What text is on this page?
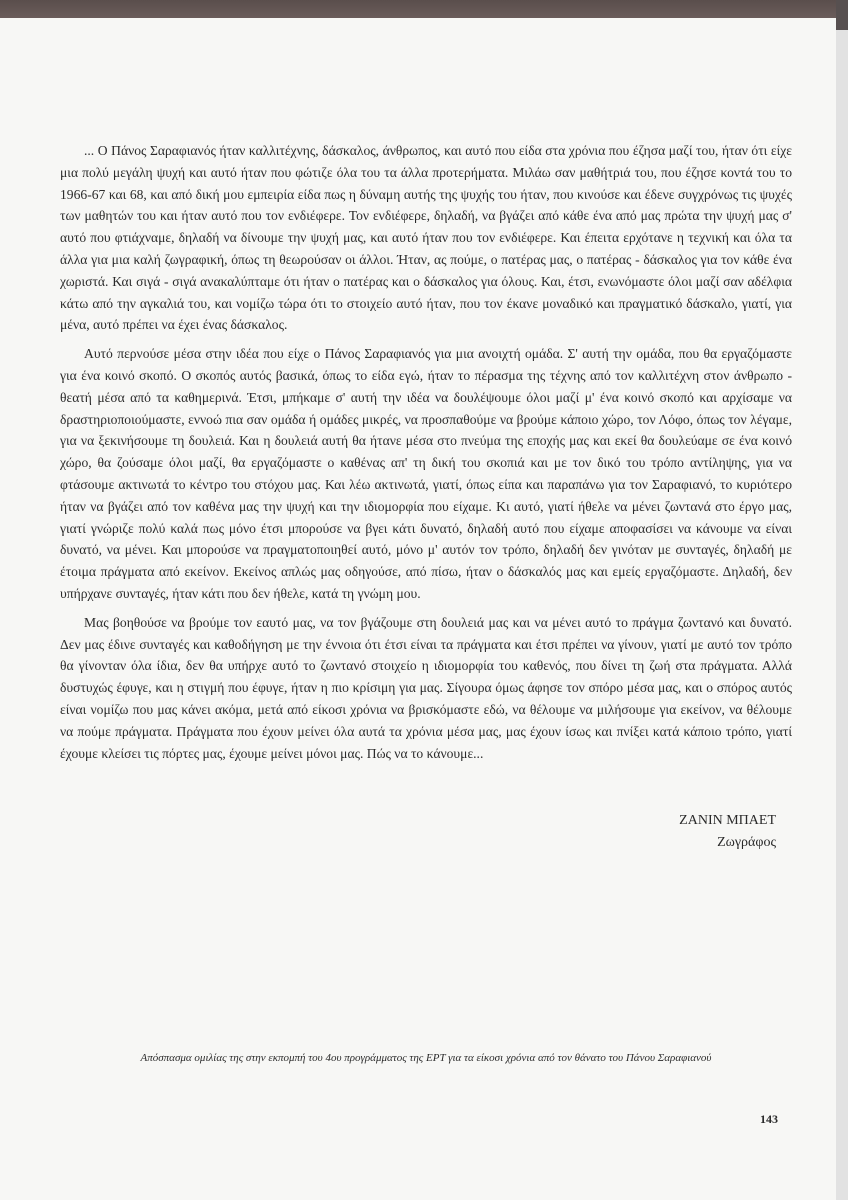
... Ο Πάνος Σαραφιανός ήταν καλλιτέχνης, δάσκαλος, άνθρωπος, και αυτό που είδα στα χρόνια που έζησα μαζί του, ήταν ότι είχε μια πολύ μεγάλη ψυχή και αυτό ήταν που φώτιζε όλα του τα άλλα προτερήματα. Μιλάω σαν μαθήτριά του, που έζησε κοντά του το 1966-67 και 68, και από δική μου εμπειρία είδα πως η δύναμη αυτής της ψυχής του ήταν, που κινούσε και έδενε συγχρόνως τις ψυχές των μαθητών του και ήταν αυτό που τον ενδιέφερε. Τον ενδιέφερε, δηλαδή, να βγάζει από κάθε ένα από μας πρώτα την ψυχή μας σ' αυτό που φτιάχναμε, δηλαδή να δίνουμε την ψυχή μας, και αυτό ήταν που τον ενδιέφερε. Και έπειτα ερχότανε η τεχνική και όλα τα άλλα για μια καλή ζωγραφική, όπως τη θεωρούσαν οι άλλοι. Ήταν, ας πούμε, ο πατέρας μας, ο πατέρας - δάσκαλος για τον κάθε ένα χωριστά. Και σιγά - σιγά ανακαλύπταμε ότι ήταν ο πατέρας και ο δάσκαλος για όλους. Και, έτσι, ενωνόμαστε όλοι μαζί σαν αδέλφια κάτω από την αγκαλιά του, και νομίζω τώρα ότι το στοιχείο αυτό ήταν, που τον έκανε μοναδικό και πραγματικό δάσκαλο, γιατί, για μένα, αυτό πρέπει να έχει ένας δάσκαλος.

Αυτό περνούσε μέσα στην ιδέα που είχε ο Πάνος Σαραφιανός για μια ανοιχτή ομάδα. Σ' αυτή την ομάδα, που θα εργαζόμαστε για ένα κοινό σκοπό. Ο σκοπός αυτός βασικά, όπως το είδα εγώ, ήταν το πέρασμα της τέχνης από τον καλλιτέχνη στον άνθρωπο - θεατή μέσα από τα καθημερινά. Έτσι, μπήκαμε σ' αυτή την ιδέα να δουλέψουμε όλοι μαζί μ' ένα κοινό σκοπό και αρχίσαμε να δραστηριοποιούμαστε, εννοώ πια σαν ομάδα ή ομάδες μικρές, να προσπαθούμε να βρούμε κάποιο χώρο, τον Λόφο, όπως τον λέγαμε, για να ξεκινήσουμε τη δουλειά. Και η δουλειά αυτή θα ήτανε μέσα στο πνεύμα της εποχής μας και εκεί θα δουλεύαμε σε ένα κοινό χώρο, θα ζούσαμε όλοι μαζί, θα εργαζόμαστε ο καθένας απ' τη δική του σκοπιά και με τον δικό του τρόπο αντίληψης, για να φτάσουμε ακτινωτά το κέντρο του στόχου μας. Και λέω ακτινωτά, γιατί, όπως είπα και παραπάνω για τον Σαραφιανό, το κυριότερο ήταν να βγάζει από τον καθένα μας την ψυχή και την ιδιομορφία που είχαμε. Κι αυτό, γιατί ήθελε να μένει ζωντανά στο έργο μας, γιατί γνώριζε πολύ καλά πως μόνο έτσι μπορούσε να βγει κάτι δυνατό, δηλαδή αυτό που είχαμε αποφασίσει να κάνουμε να είναι δυνατό, να μένει. Και μπορούσε να πραγματοποιηθεί αυτό, μόνο μ' αυτόν τον τρόπο, δηλαδή δεν γινόταν με συνταγές, δηλαδή με έτοιμα πράγματα από εκείνον. Εκείνος απλώς μας οδηγούσε, από πίσω, ήταν ο δάσκαλός μας και εμείς εργαζόμαστε. Δηλαδή, δεν υπήρχανε συνταγές, ήταν κάτι που δεν ήθελε, κατά τη γνώμη μου.

Μας βοηθούσε να βρούμε τον εαυτό μας, να τον βγάζουμε στη δουλειά μας και να μένει αυτό το πράγμα ζωντανό και δυνατό. Δεν μας έδινε συνταγές και καθοδήγηση με την έννοια ότι έτσι είναι τα πράγματα και έτσι πρέπει να γίνουν, γιατί με αυτό τον τρόπο θα γίνονταν όλα ίδια, δεν θα υπήρχε αυτό το ζωντανό στοιχείο η ιδιομορφία του καθενός, που δίνει τη ζωή στα πράγματα. Αλλά δυστυχώς έφυγε, και η στιγμή που έφυγε, ήταν η πιο κρίσιμη για μας. Σίγουρα όμως άφησε τον σπόρο μέσα μας, και ο σπόρος αυτός είναι νομίζω που μας κάνει ακόμα, μετά από είκοσι χρόνια να βρισκόμαστε εδώ, να θέλουμε να μιλήσουμε για εκείνον, να θέλουμε να πούμε πράγματα. Πράγματα που έχουν μείνει όλα αυτά τα χρόνια μέσα μας, μας έχουν ίσως και πνίξει κατά κάποιο τρόπο, γιατί έχουμε κλείσει τις πόρτες μας, έχουμε μείνει μόνοι μας. Πώς να το κάνουμε...

ΖΑΝΙΝ ΜΠΑΕΤ
Ζωγράφος
Απόσπασμα ομιλίας της στην εκπομπή του 4ου προγράμματος της ΕΡΤ για τα είκοσι χρόνια από τον θάνατο του Πάνου Σαραφιανού
143
